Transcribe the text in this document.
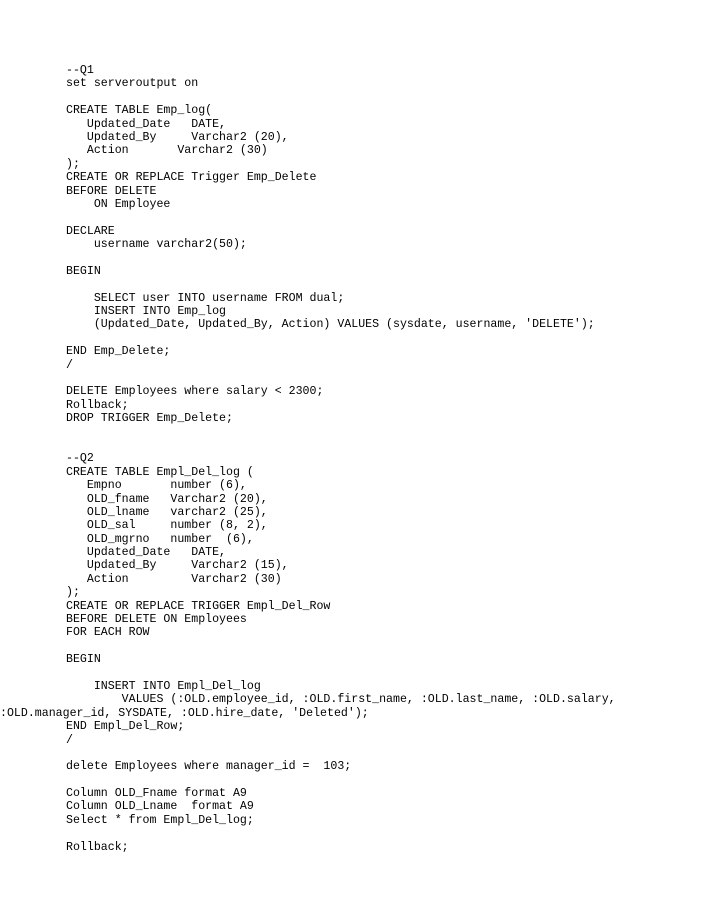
--Q1
set serveroutput on
CREATE TABLE Emp_log(
Updated_Date   DATE,
Updated_By     Varchar2 (20),
Action       Varchar2 (30)
);
CREATE OR REPLACE Trigger Emp_Delete
BEFORE DELETE
ON Employee
DECLARE
username varchar2(50);
BEGIN
SELECT user INTO username FROM dual;
INSERT INTO Emp_log
(Updated_Date, Updated_By, Action) VALUES (sysdate, username, 'DELETE');
END Emp_Delete;
/
DELETE Employees where salary < 2300;
Rollback;
DROP TRIGGER Emp_Delete;
--Q2
CREATE TABLE Empl_Del_log (
Empno       number (6),
OLD_fname   Varchar2 (20),
OLD_lname   varchar2 (25),
OLD_sal     number (8, 2),
OLD_mgrno   number  (6),
Updated_Date   DATE,
Updated_By     Varchar2 (15),
Action         Varchar2 (30)
);
CREATE OR REPLACE TRIGGER Empl_Del_Row
BEFORE DELETE ON Employees
FOR EACH ROW
BEGIN
INSERT INTO Empl_Del_log
VALUES (:OLD.employee_id, :OLD.first_name, :OLD.last_name, :OLD.salary,
:OLD.manager_id, SYSDATE, :OLD.hire_date, 'Deleted');
END Empl_Del_Row;
/
delete Employees where manager_id =  103;
Column OLD_Fname format A9
Column OLD_Lname  format A9
Select * from Empl_Del_log;
Rollback;
